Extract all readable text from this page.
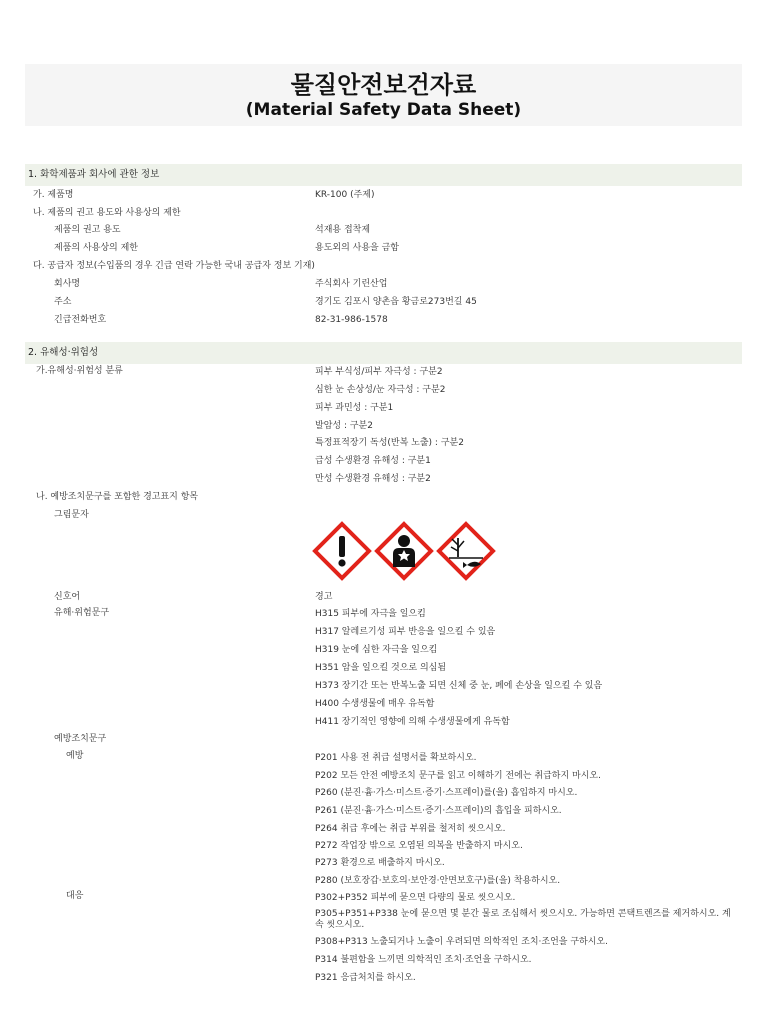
물질안전보건자료
(Material Safety Data Sheet)
1. 화학제품과 회사에 관한 정보
가. 제품명	KR-100 (주제)
나. 제품의 권고 용도와 사용상의 제한
제품의 권고 용도	석재용 접착제
제품의 사용상의 제한	용도외의 사용을 금함
다. 공급자 정보(수입품의 경우 긴급 연락 가능한 국내 공급자 정보 기재)
회사명	주식회사 기린산업
주소	경기도 김포시 양촌읍 황금로273번길 45
긴급전화번호	82-31-986-1578
2. 유해성·위험성
가.유해성·위험성 분류	피부 부식성/피부 자극성 : 구분2
심한 눈 손상성/눈 자극성 : 구분2
피부 과민성 : 구분1
발암성 : 구분2
특정표적장기 독성(반복 노출) : 구분2
급성 수생환경 유해성 : 구분1
만성 수생환경 유해성 : 구분2
나. 예방조치문구를 포함한 경고표지 항목
그림문자
신호어	경고
유해·위험문구	H315 피부에 자극을 일으킴
H317 알레르기성 피부 반응을 일으킬 수 있음
H319 눈에 심한 자극을 일으킴
H351 암을 일으킬 것으로 의심됨
H373 장기간 또는 반복노출 되면 신체 중 눈, 폐에 손상을 일으킬 수 있음
H400 수생생물에 매우 유독함
H411 장기적인 영향에 의해 수생생물에게 유독함
예방조치문구
예방	P201 사용 전 취급 설명서를 확보하시오.
P202 모든 안전 예방조치 문구를 읽고 이해하기 전에는 취급하지 마시오.
P260 (분진·흄·가스·미스트·증기·스프레이)를(을) 흡입하지 마시오.
P261 (분진·흄·가스·미스트·증기·스프레이)의 흡입을 피하시오.
P264 취급 후에는 취급 부위를 철저히 씻으시오.
P272 작업장 밖으로 오염된 의복을 반출하지 마시오.
P273 환경으로 배출하지 마시오.
P280 (보호장갑·보호의·보안경·안면보호구)를(을) 착용하시오.
대응	P302+P352 피부에 묻으면 다량의 물로 씻으시오.
P305+P351+P338 눈에 묻으면 몇 분간 물로 조심해서 씻으시오. 가능하면 콘택트렌즈를 제거하시오. 계속 씻으시오.
P308+P313 노출되거나 노출이 우려되면 의학적인 조치·조언을 구하시오.
P314 불편함을 느끼면 의학적인 조치·조언을 구하시오.
P321 응급처치를 하시오.
